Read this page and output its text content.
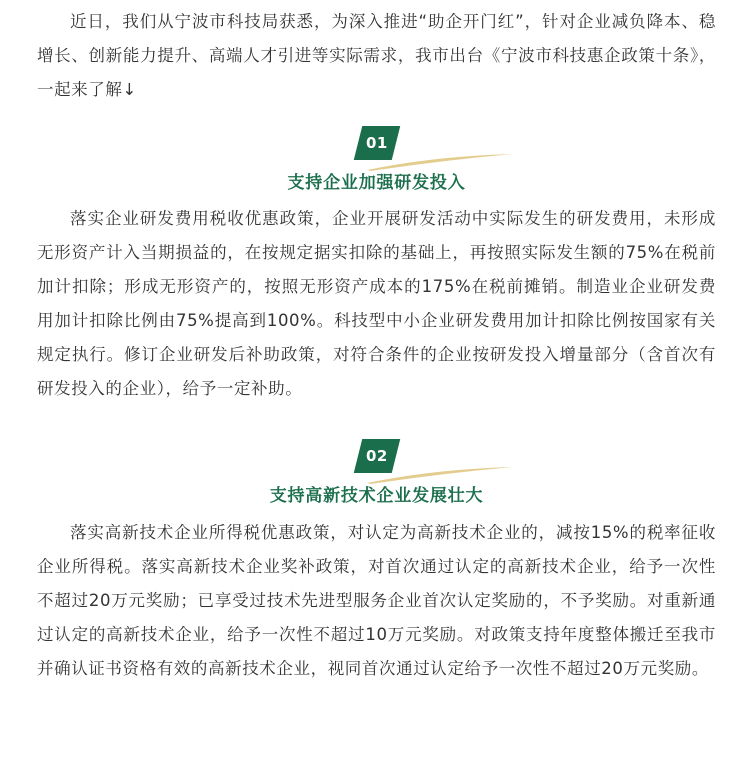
近日，我们从宁波市科技局获悉，为深入推进“助企开门红”，针对企业减负降本、稳增长、创新能力提升、高端人才引进等实际需求，我市出台《宁波市科技惠企政策十条》，一起来了解↓

01
支持企业加强研发投入

落实企业研发费用税收优惠政策，企业开展研发活动中实际发生的研发费用，未形成无形资产计入当期损益的，在按规定据实扣除的基础上，再按照实际发生额的75%在税前加计扣除；形成无形资产的，按照无形资产成本的175%在税前摊销。制造业企业研发费用加计扣除比例由75%提高到100%。科技型中小企业研发费用加计扣除比例按国家有关规定执行。修订企业研发后补助政策，对符合条件的企业按研发投入增量部分（含首次有研发投入的企业），给予一定补助。

02
支持高新技术企业发展壮大

落实高新技术企业所得税优惠政策，对认定为高新技术企业的，减按15%的税率征收企业所得税。落实高新技术企业奖补政策，对首次通过认定的高新技术企业，给予一次性不超过20万元奖励；已享受过技术先进型服务企业首次认定奖励的，不予奖励。对重新通过认定的高新技术企业，给予一次性不超过10万元奖励。对政策支持年度整体搬迁至我市并确认证书资格有效的高新技术企业，视同首次通过认定给予一次性不超过20万元奖励。
